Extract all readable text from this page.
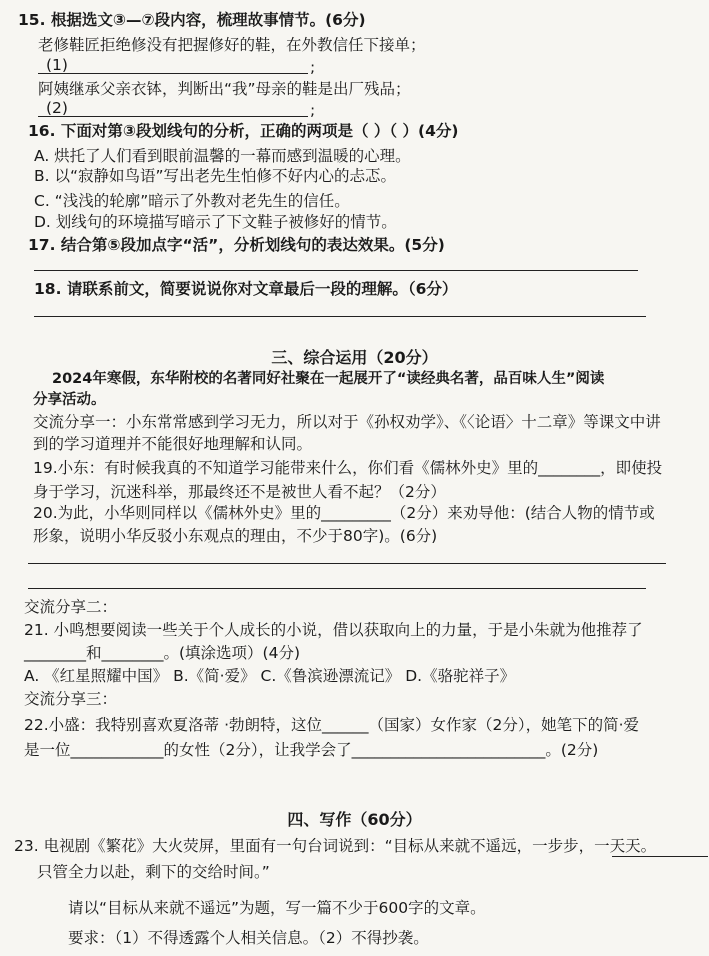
15. 根据选文③—⑦段内容，梳理故事情节。(6分)
老修鞋匠拒绝修没有把握修好的鞋，在外教信任下接单；
(1)	;
阿姨继承父亲衣钵，判断出“我”母亲的鞋是出厂残品；
(2)	;
16. 下面对第③段划线句的分析，正确的两项是（ ）（ ）(4分)
A. 烘托了人们看到眼前温馨的一幕而感到温暖的心理。
B. 以“寂静如鸟语”写出老先生怕修不好内心的忐忑。
C. “浅浅的轮廓”暗示了外教对老先生的信任。
D. 划线句的环境描写暗示了下文鞋子被修好的情节。
17. 结合第⑤段加点字“活”，分析划线句的表达效果。(5分)
18. 请联系前文，简要说说你对文章最后一段的理解。（6分）
三、综合运用（20分）
2024年寒假，东华附校的名著同好社聚在一起展开了“读经典名著，品百味人生”阅读
分享活动。
交流分享一：小东常常感到学习无力，所以对于《孙权劝学》、《〈论语〉十二章》等课文中讲
到的学习道理并不能很好地理解和认同。
19.小东：有时候我真的不知道学习能带来什么，你们看《儒林外史》里的________，即使投
身于学习，沉迷科举，那最终还不是被世人看不起？（2分）
20.为此，小华则同样以《儒林外史》里的_________（2分）来劝导他：(结合人物的情节或
形象，说明小华反驳小东观点的理由，不少于80字)。(6分)
交流分享二：
21. 小鸣想要阅读一些关于个人成长的小说，借以获取向上的力量，于是小朱就为他推荐了
________和________。(填涂选项）(4分)
A. 《红星照耀中国》 B.《简·爱》 C.《鲁滨逊漂流记》 D.《骆驼祥子》
交流分享三：
22.小盛：我特别喜欢夏洛蒂 ·勃朗特，这位______（国家）女作家（2分），她笔下的简·爱
是一位____________的女性（2分），让我学会了_________________________。(2分)
四、写作（60分）
23. 电视剧《繁花》大火荧屏，里面有一句台词说到：“目标从来就不遥远，一步步，一天天。
只管全力以赴，剩下的交给时间。”
请以“目标从来就不遥远”为题，写一篇不少于600字的文章。
要求：（1）不得透露个人相关信息。（2）不得抄袭。
